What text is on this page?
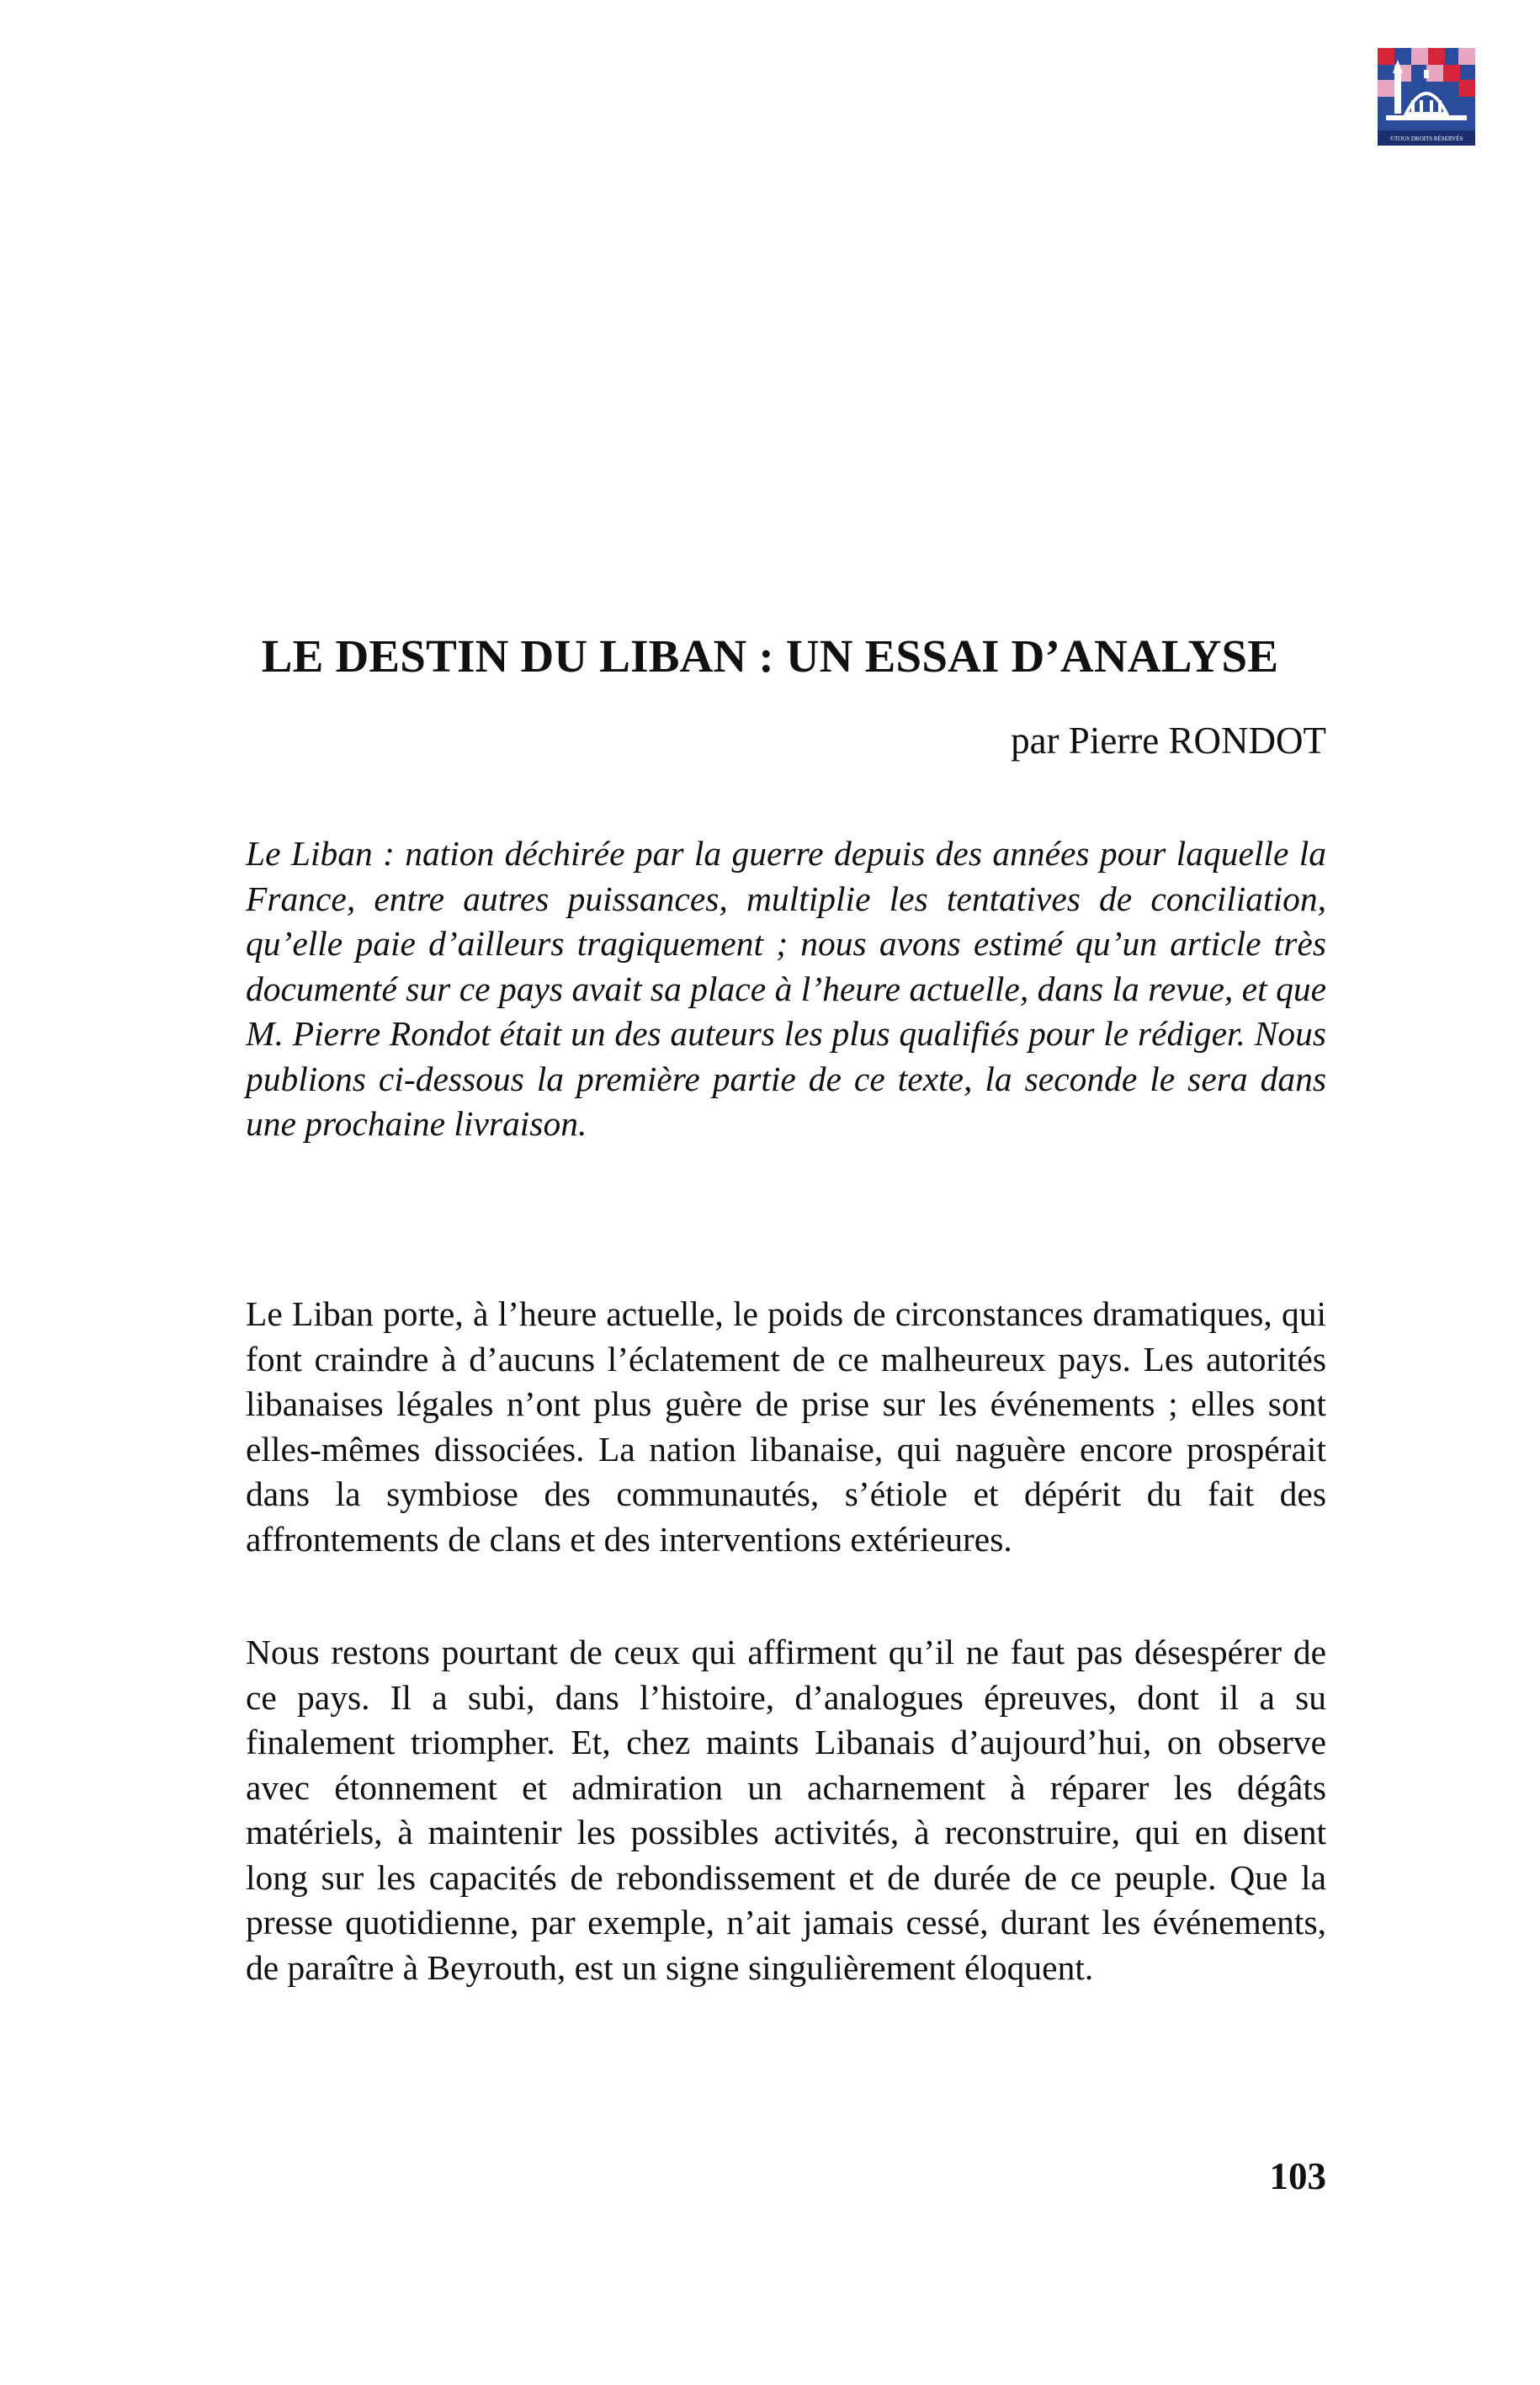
©TOUS DROITS RÉSERVÉS
LE DESTIN DU LIBAN : UN ESSAI D’ANALYSE

par Pierre RONDOT

Le Liban : nation déchirée par la guerre depuis des années pour laquelle la France, entre autres puissances, multiplie les tentatives de conciliation, qu’elle paie d’ailleurs tragiquement ; nous avons estimé qu’un article très documenté sur ce pays avait sa place à l’heure actuelle, dans la revue, et que M. Pierre Rondot était un des auteurs les plus qualifiés pour le rédiger. Nous publions ci-dessous la première partie de ce texte, la seconde le sera dans une prochaine livraison.

Le Liban porte, à l’heure actuelle, le poids de circonstances dramatiques, qui font craindre à d’aucuns l’éclatement de ce malheureux pays. Les autorités libanaises légales n’ont plus guère de prise sur les événements ; elles sont elles-mêmes dissociées. La nation libanaise, qui naguère encore prospérait dans la symbiose des communautés, s’étiole et dépérit du fait des affrontements de clans et des interventions extérieures.

Nous restons pourtant de ceux qui affirment qu’il ne faut pas désespérer de ce pays. Il a subi, dans l’histoire, d’analogues épreuves, dont il a su finalement triompher. Et, chez maints Libanais d’aujourd’hui, on observe avec étonnement et admiration un acharnement à réparer les dégâts matériels, à maintenir les possibles activités, à reconstruire, qui en disent long sur les capacités de rebondissement et de durée de ce peuple. Que la presse quotidienne, par exemple, n’ait jamais cessé, durant les événements, de paraître à Beyrouth, est un signe singulièrement éloquent.

103
